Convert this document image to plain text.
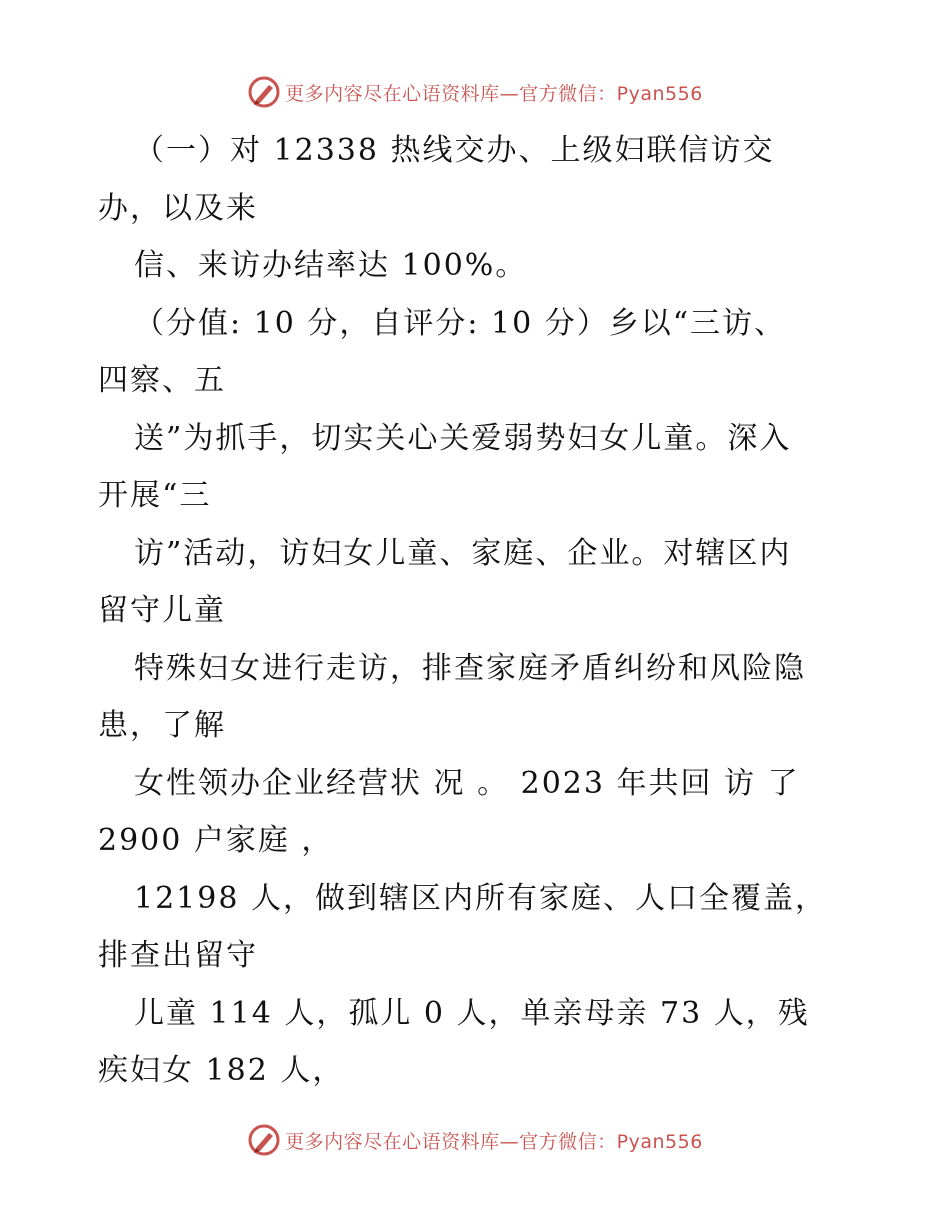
更多内容尽在心语资料库—官方微信：Pyan556
（一）对 12338 热线交办、上级妇联信访交
办，以及来
信、来访办结率达 100%。
（分值: 10 分，自评分: 10 分）乡以“三访、
四察、五
送”为抓手，切实关心关爱弱势妇女儿童。深入
开展“三
访”活动，访妇女儿童、家庭、企业。对辖区内
留守儿童
特殊妇女进行走访，排查家庭矛盾纠纷和风险隐
患，了解
女性领办企业经营状 况 。 2023 年共回 访 了
2900 户家庭 ，
12198 人，做到辖区内所有家庭、人口全覆盖，
排查出留守
儿童 114 人，孤儿 0 人，单亲母亲 73 人，残
疾妇女 182 人，
更多内容尽在心语资料库—官方微信：Pyan556
